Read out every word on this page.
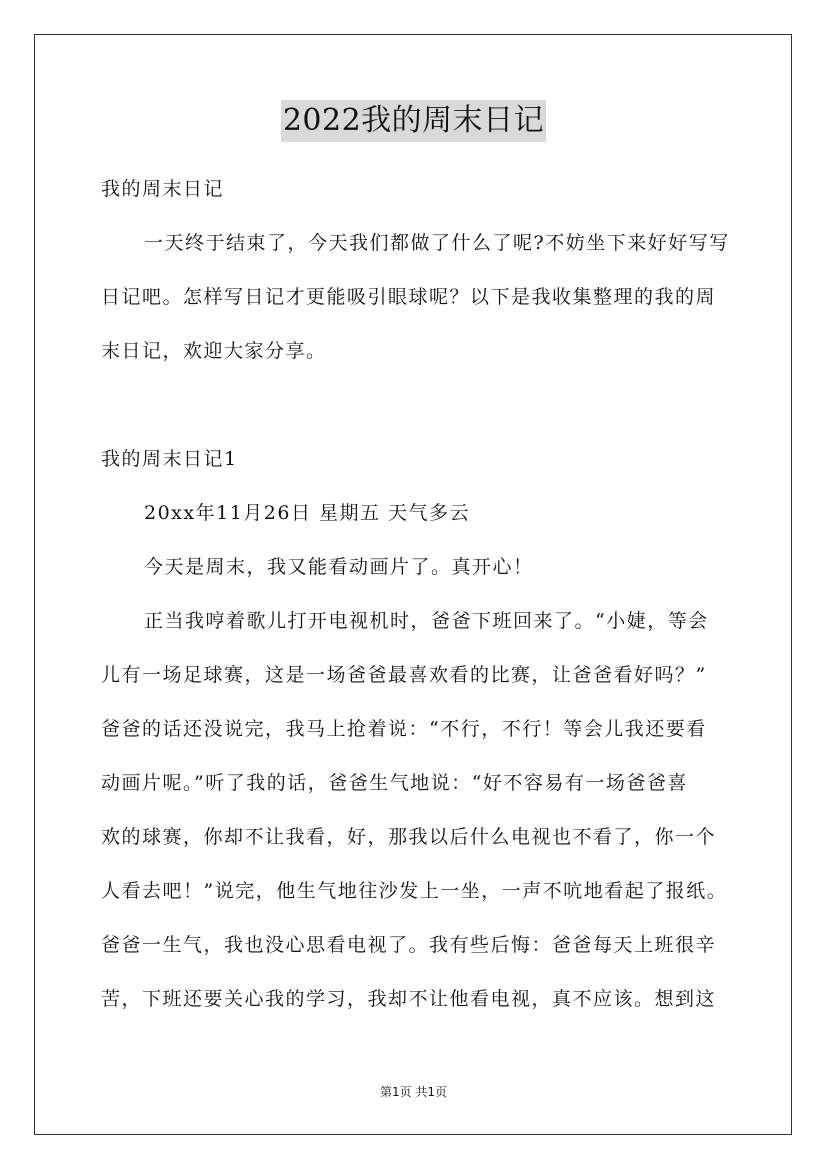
2022我的周末日记
我的周末日记
一天终于结束了，今天我们都做了什么了呢?不妨坐下来好好写写
日记吧。怎样写日记才更能吸引眼球呢？以下是我收集整理的我的周
末日记，欢迎大家分享。
我的周末日记1
20xx年11月26日 星期五 天气多云
今天是周末，我又能看动画片了。真开心！
正当我哼着歌儿打开电视机时，爸爸下班回来了。“小婕，等会
儿有一场足球赛，这是一场爸爸最喜欢看的比赛，让爸爸看好吗？”
爸爸的话还没说完，我马上抢着说：“不行，不行！等会儿我还要看
动画片呢。”听了我的话，爸爸生气地说：“好不容易有一场爸爸喜
欢的球赛，你却不让我看，好，那我以后什么电视也不看了，你一个
人看去吧！”说完，他生气地往沙发上一坐，一声不吭地看起了报纸。
爸爸一生气，我也没心思看电视了。我有些后悔：爸爸每天上班很辛
苦，下班还要关心我的学习，我却不让他看电视，真不应该。想到这
第1页 共1页
